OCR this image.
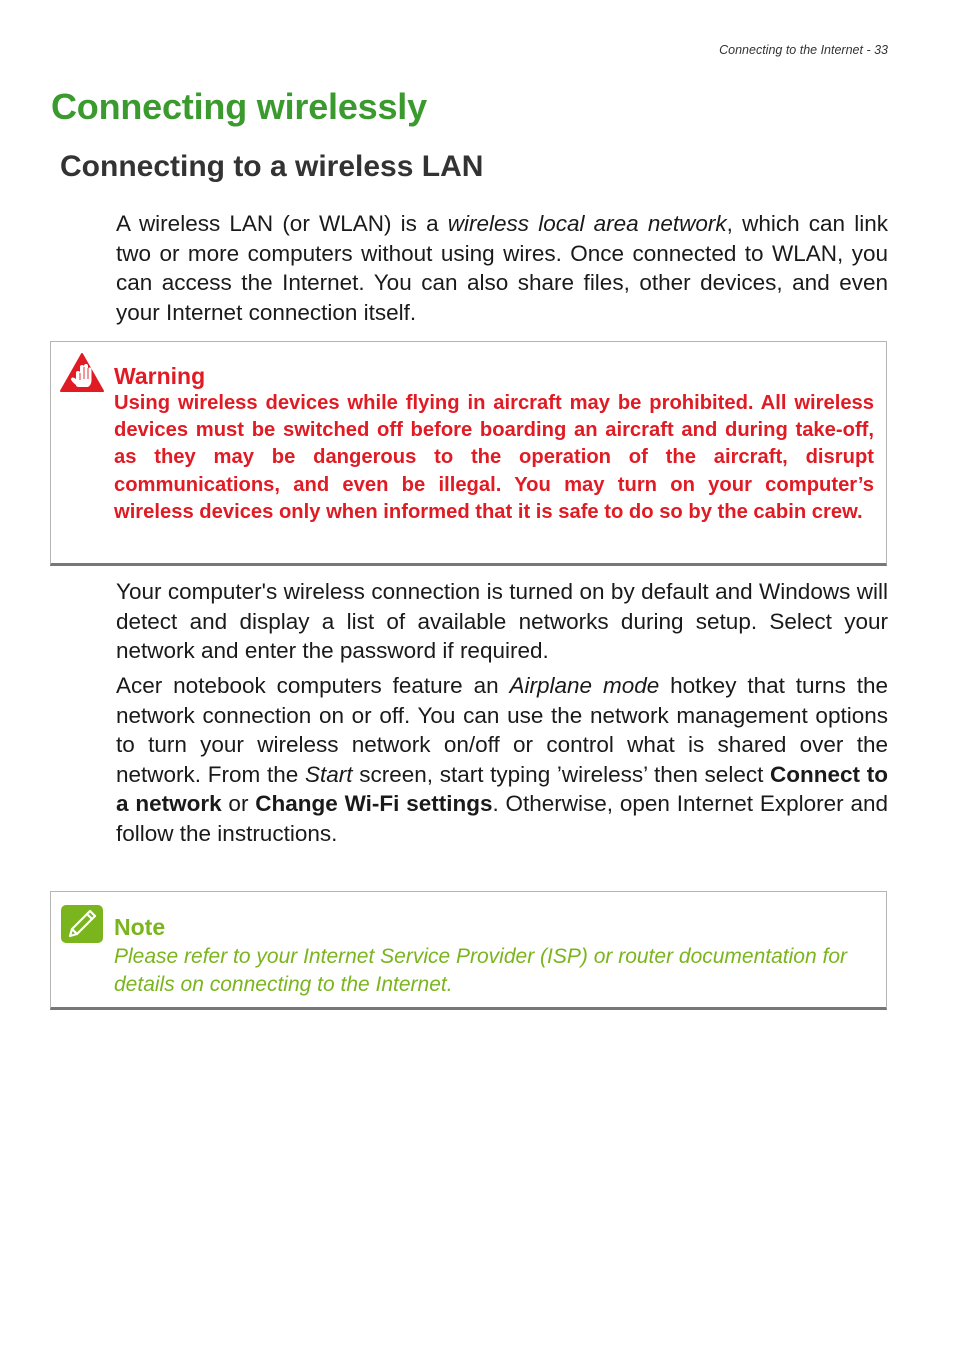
Connecting to the Internet - 33
Connecting wirelessly
Connecting to a wireless LAN

A wireless LAN (or WLAN) is a wireless local area network, which can link two or more computers without using wires. Once connected to WLAN, you can access the Internet. You can also share files, other devices, and even your Internet connection itself.

Warning

Using wireless devices while flying in aircraft may be prohibited. All wireless devices must be switched off before boarding an aircraft and during take-off, as they may be dangerous to the operation of the aircraft, disrupt communications, and even be illegal. You may turn on your computer’s wireless devices only when informed that it is safe to do so by the cabin crew.

Your computer's wireless connection is turned on by default and Windows will detect and display a list of available networks during setup. Select your network and enter the password if required.

Acer notebook computers feature an Airplane mode hotkey that turns the network connection on or off. You can use the network management options to turn your wireless network on/off or control what is shared over the network. From the Start screen, start typing ’wireless’ then select Connect to a network or Change Wi-Fi settings. Otherwise, open Internet Explorer and follow the instructions.

Note

Please refer to your Internet Service Provider (ISP) or router documentation for details on connecting to the Internet.
